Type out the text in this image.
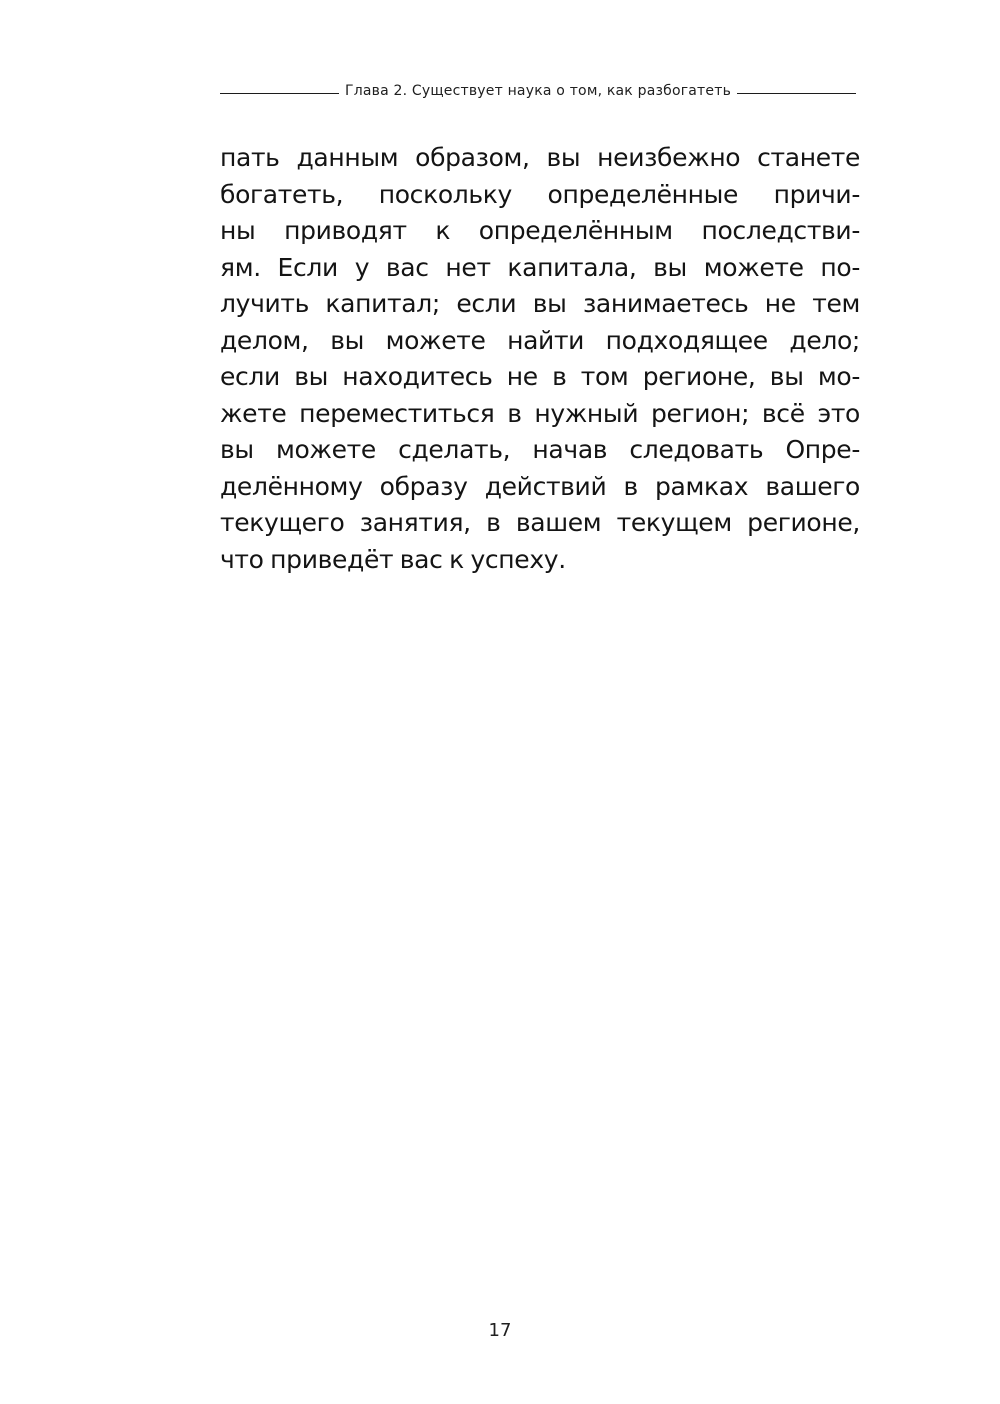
Глава 2. Существует наука о том, как разбогатеть
пать данным образом, вы неизбежно станете
богатеть, поскольку определённые причи-
ны приводят к определённым последстви-
ям. Если у вас нет капитала, вы можете по-
лучить капитал; если вы занимаетесь не тем
делом, вы можете найти подходящее дело;
если вы находитесь не в том регионе, вы мо-
жете переместиться в нужный регион; всё это
вы можете сделать, начав следовать Опре-
делённому образу действий в рамках вашего
текущего занятия, в вашем текущем регионе,
что приведёт вас к успеху.
17
